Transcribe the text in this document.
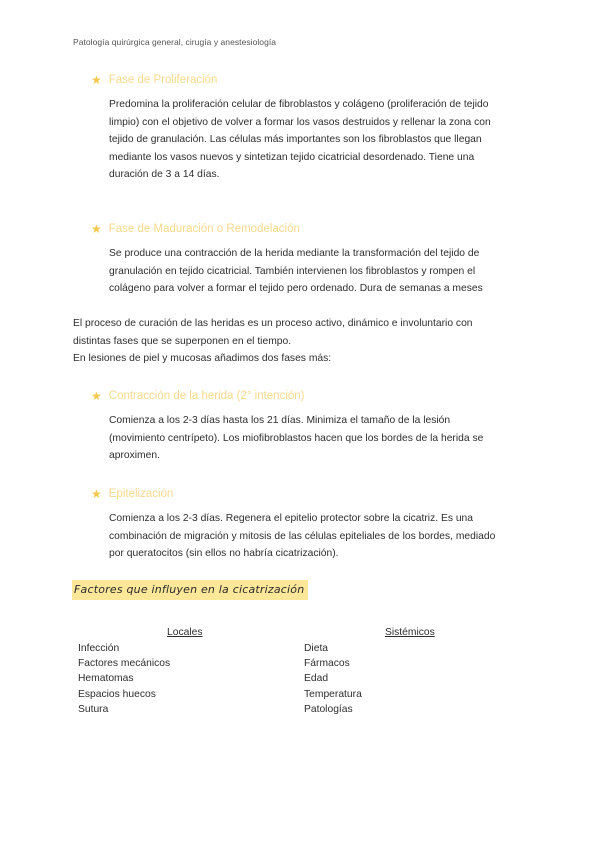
Patología quirúrgica general, cirugía y anestesiología
★ Fase de Proliferación
Predomina la proliferación celular de fibroblastos y colágeno (proliferación de tejido
limpio) con el objetivo de volver a formar los vasos destruidos y rellenar la zona con
tejido de granulación. Las células más importantes son los fibroblastos que llegan
mediante los vasos nuevos y sintetizan tejido cicatricial desordenado. Tiene una
duración de 3 a 14 días.
★ Fase de Maduración o Remodelación
Se produce una contracción de la herida mediante la transformación del tejido de
granulación en tejido cicatricial. También intervienen los fibroblastos y rompen el
colágeno para volver a formar el tejido pero ordenado. Dura de semanas a meses
El proceso de curación de las heridas es un proceso activo, dinámico e involuntario con
distintas fases que se superponen en el tiempo.
En lesiones de piel y mucosas añadimos dos fases más:
★ Contracción de la herida (2° intención)
Comienza a los 2-3 días hasta los 21 días. Minimiza el tamaño de la lesión
(movimiento centrípeto). Los miofibroblastos hacen que los bordes de la herida se
aproximen.
★ Epitelización
Comienza a los 2-3 días. Regenera el epitelio protector sobre la cicatriz. Es una
combinación de migración y mitosis de las células epiteliales de los bordes, mediado
por queratocitos (sin ellos no habría cicatrización).
Factores que influyen en la cicatrización
Locales	Sistémicos
Infección
Factores mecánicos
Hematomas
Espacios huecos
Sutura
Dieta
Fármacos
Edad
Temperatura
Patologías
